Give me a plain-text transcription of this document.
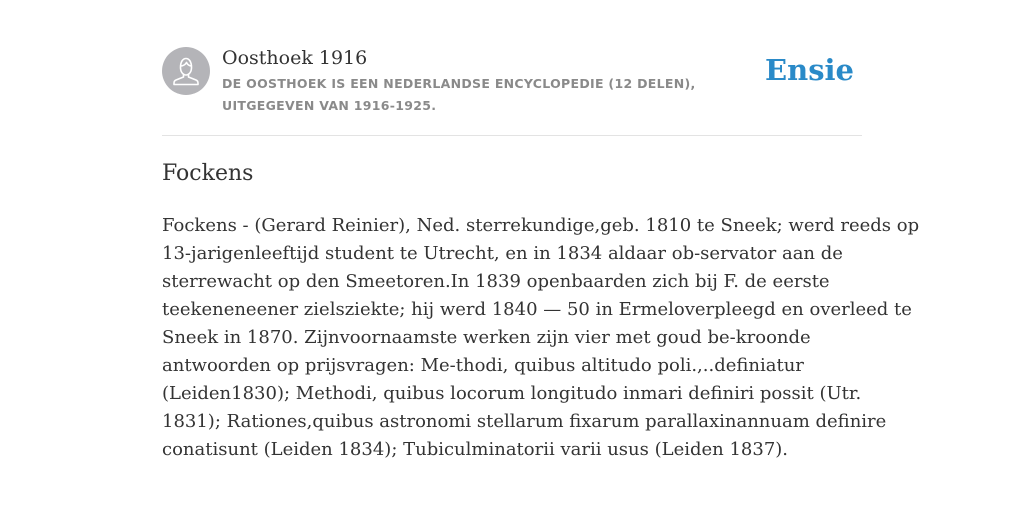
Oosthoek 1916
DE OOSTHOEK IS EEN NEDERLANDSE ENCYCLOPEDIE (12 DELEN), UITGEGEVEN VAN 1916-1925.
Ensie
Fockens
Fockens - (Gerard Reinier), Ned. sterrekundige,geb. 1810 te Sneek; werd reeds op
13-jarigenleeftijd student te Utrecht, en in 1834 aldaar ob-servator aan de
sterrewacht op den Smeetoren.In 1839 openbaarden zich bij F. de eerste
teekeneneener zielsziekte; hij werd 1840 — 50 in Ermeloverpleegd en overleed te
Sneek in 1870. Zijnvoornaamste werken zijn vier met goud be-kroonde
antwoorden op prijsvragen: Me-thodi, quibus altitudo poli.,..definiatur
(Leiden1830); Methodi, quibus locorum longitudo inmari definiri possit (Utr.
1831); Rationes,quibus astronomi stellarum fixarum parallaxinannuam definire
conatisunt (Leiden 1834); Tubiculminatorii varii usus (Leiden 1837).
